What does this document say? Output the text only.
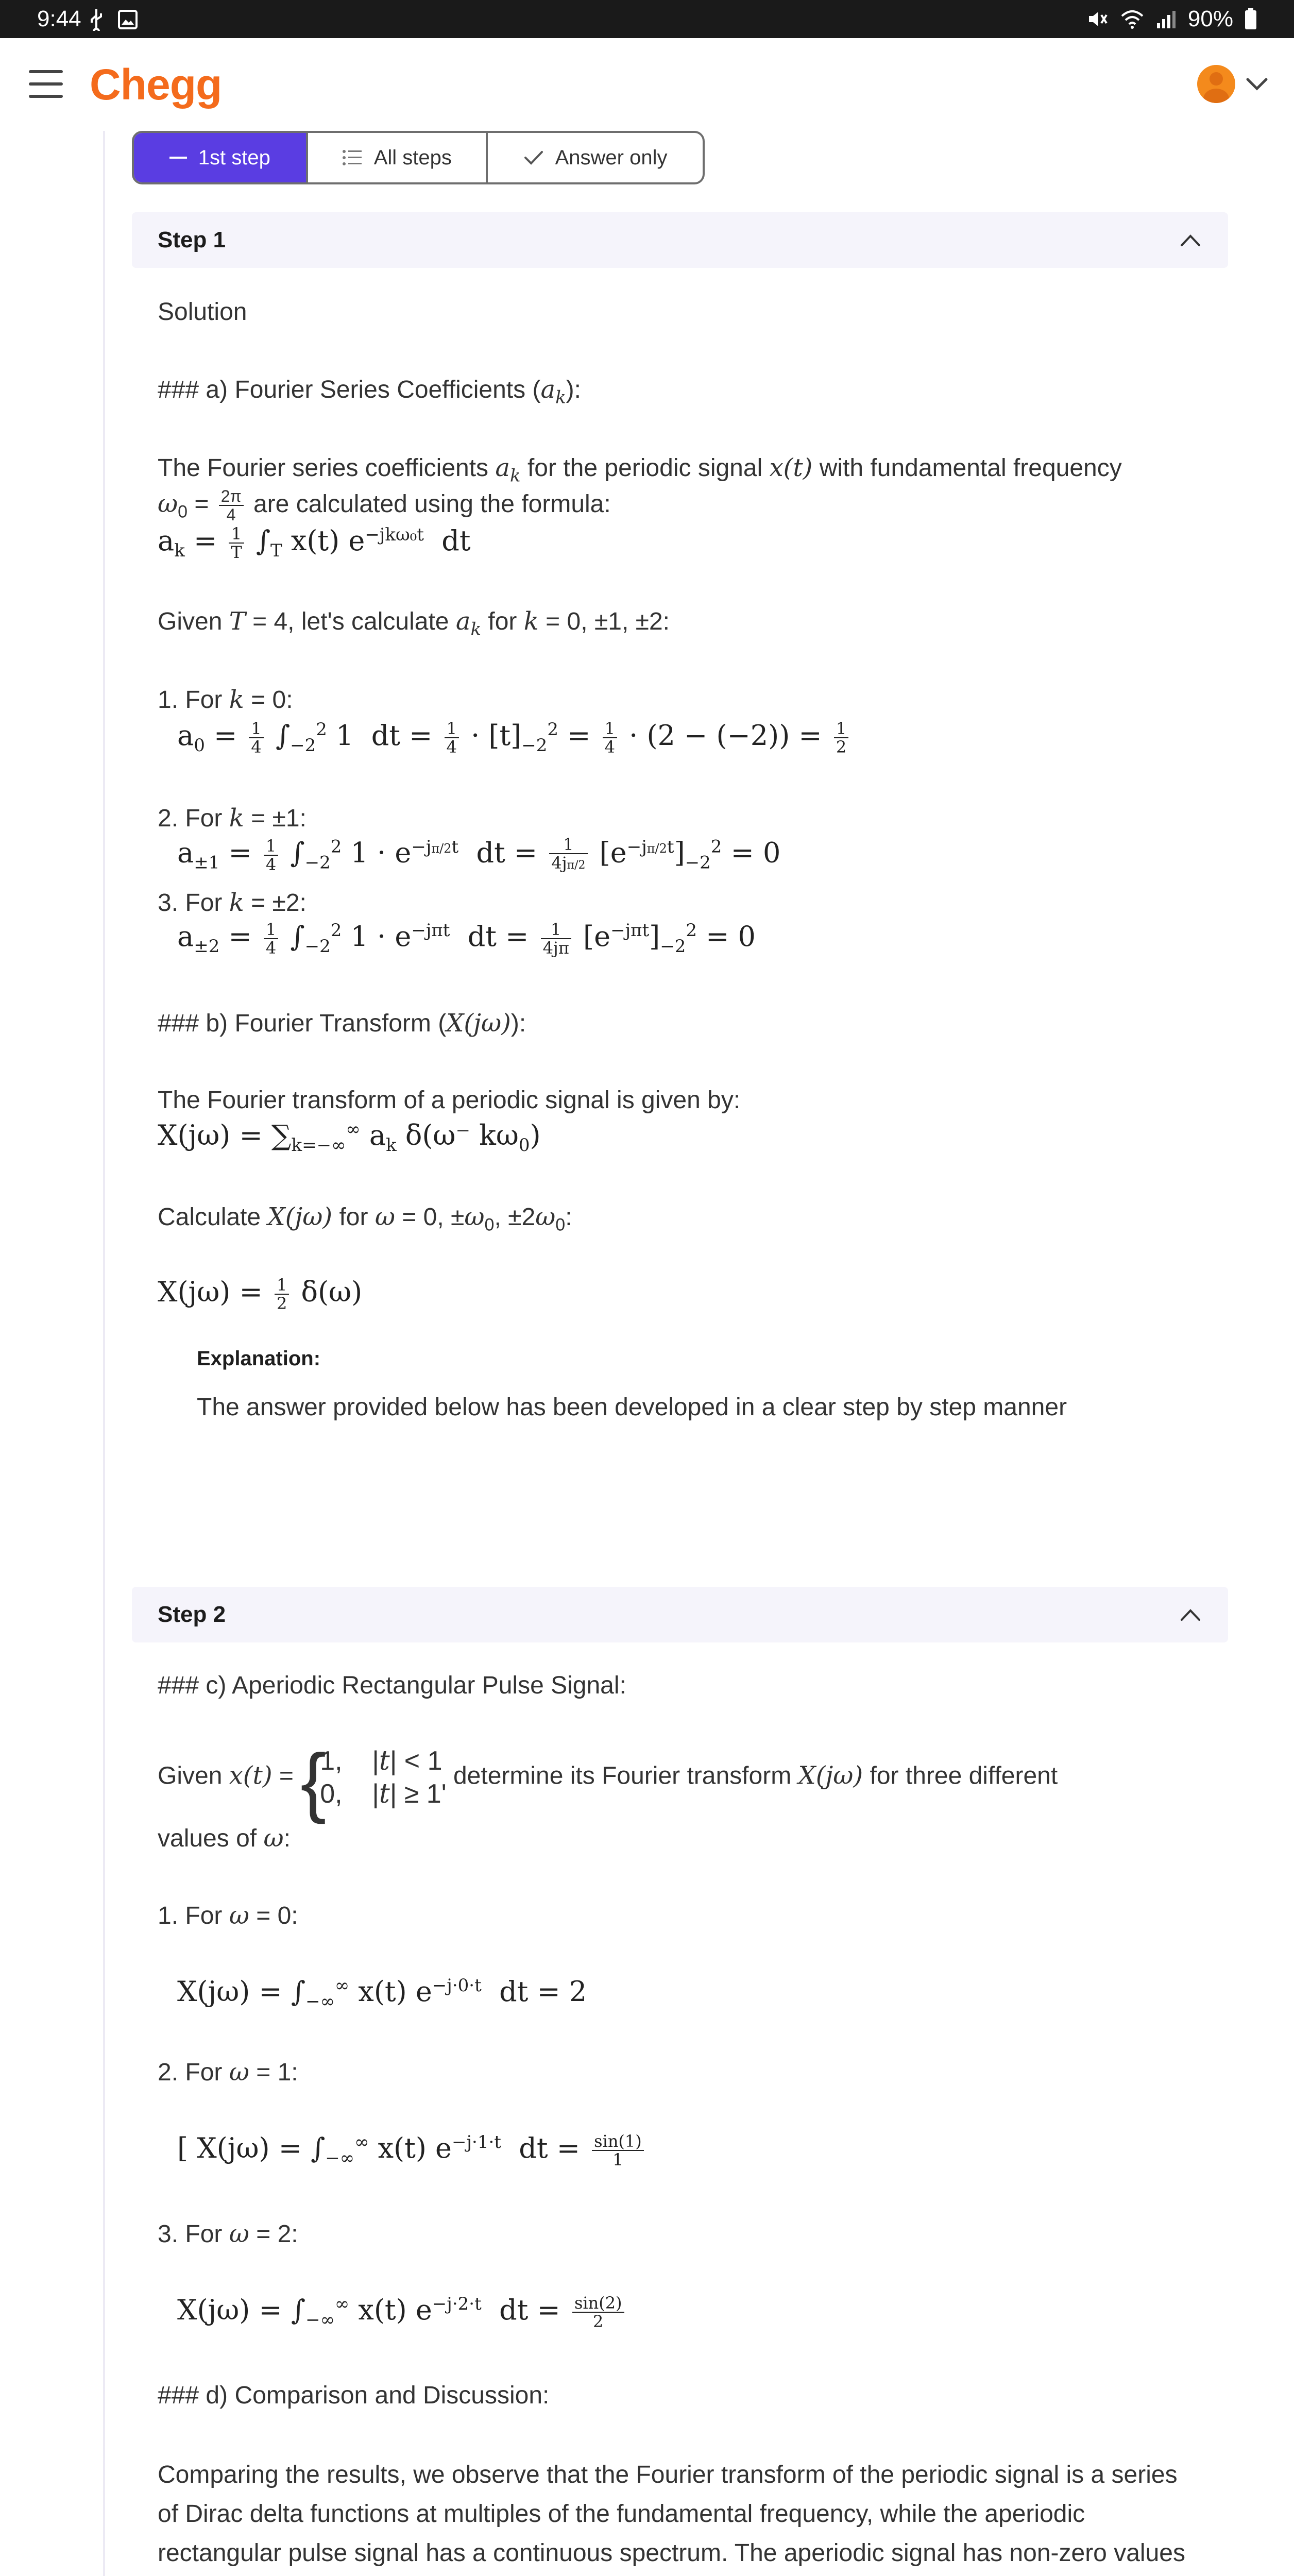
9:44	90%
Chegg
1st step	All steps	Answer only
Step 1
Solution
### a) Fourier Series Coefficients $(a_k)$:
The Fourier series coefficients $a_k$ for the periodic signal x(t) with fundamental frequency
$\omega_0 = \frac{2\pi}{4}$ are calculated using the formula:
$a_k = \frac{1}{T} \int_T$ x(t) $e^{-jk\omega_0t}$  dt
Given T = 4, let's calculate $a_k$ for k = 0, ±1, ±2:
1. For k = 0:
$a_0 = \frac{1}{4} \int_{-2}^2$ 1  dt = $\frac{1}{4} \cdot [t]_{-2}^2 = \frac{1}{4} \cdot (2 - (-2)) = \frac{1}{2}$
2. For k = ±1:
$a_{\pm 1} = \frac{1}{4} \int_{-2}^2$ $1 \cdot e^{-j\pi/2t}$  dt = $\frac{1}{4j\pi/2} [e^{-j\pi/2t}]_{-2}^2 = 0$
3. For k = ±2:
$a_{\pm 2} = \frac{1}{4} \int_{-2}^2$ $1 \cdot e^{-j\pi t}$  dt = $\frac{1}{4j\pi} [e^{-j\pi t}]_{-2}^2 = 0$
### b) Fourier Transform (X(jω)):
The Fourier transform of a periodic signal is given by:
$X(j\omega) = \sum_{k=-\infty}^\infty$ $a_k$ δ(ω⁻ $k\omega_0$)
Calculate X(jω) for ω = 0, $\pm\omega_0$, $\pm 2\omega_0$:
$X(j\omega) = \frac{1}{2} \delta(\omega)$
Explanation:
The answer provided below has been developed in a clear step by step manner
Step 2
### c) Aperiodic Rectangular Pulse Signal:
Given x(t) = {
1,    |t| < 1
0,    |t| ≥ 1'
determine its Fourier transform X(jω) for three different
values of ω:
1. For ω = 0:
$X(j\omega) = \int_{-\infty}^\infty$ x(t) $e^{-j\cdot 0\cdot t}$  dt = 2
2. For ω = 1:
[ $X(j\omega) = \int_{-\infty}^\infty$ x(t) $e^{-j\cdot 1\cdot t}$  dt = $\frac{\sin(1)}{1}$
3. For ω = 2:
$X(j\omega) = \int_{-\infty}^\infty$ x(t) $e^{-j\cdot 2\cdot t}$  dt = $\frac{\sin(2)}{2}$
### d) Comparison and Discussion:
Comparing the results, we observe that the Fourier transform of the periodic signal is a series of Dirac delta functions at multiples of the fundamental frequency, while the aperiodic rectangular pulse signal has a continuous spectrum. The aperiodic signal has non-zero values
